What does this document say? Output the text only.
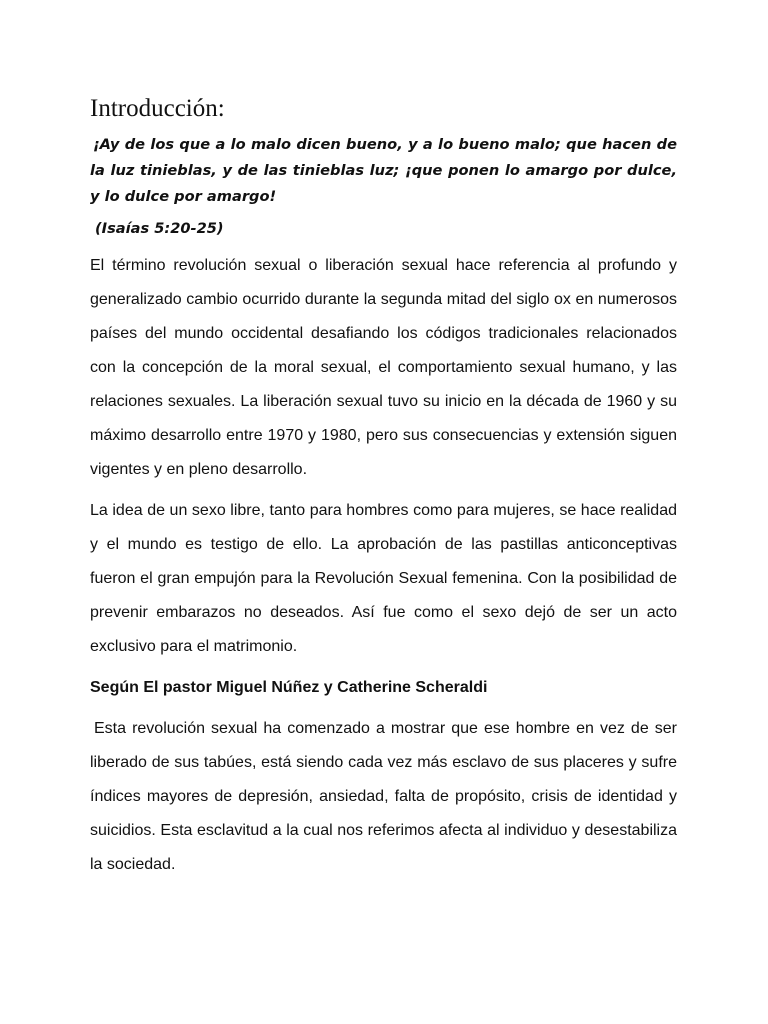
Introducción:

¡Ay de los que a lo malo dicen bueno, y a lo bueno malo; que hacen de la luz tinieblas, y de las tinieblas luz; ¡que ponen lo amargo por dulce, y lo dulce por amargo!

(Isaías 5:20-25)

El término revolución sexual o liberación sexual hace referencia al profundo y generalizado cambio ocurrido durante la segunda mitad del siglo ox en numerosos países del mundo occidental desafiando los códigos tradicionales relacionados con la concepción de la moral sexual, el comportamiento sexual humano, y las relaciones sexuales. La liberación sexual tuvo su inicio en la década de 1960 y su máximo desarrollo entre 1970 y 1980, pero sus consecuencias y extensión siguen vigentes y en pleno desarrollo.

La idea de un sexo libre, tanto para hombres como para mujeres, se hace realidad y el mundo es testigo de ello. La aprobación de las pastillas anticonceptivas fueron el gran empujón para la Revolución Sexual femenina. Con la posibilidad de prevenir embarazos no deseados. Así fue como el sexo dejó de ser un acto exclusivo para el matrimonio.

Según El pastor Miguel Núñez y Catherine Scheraldi

Esta revolución sexual ha comenzado a mostrar que ese hombre en vez de ser liberado de sus tabúes, está siendo cada vez más esclavo de sus placeres y sufre índices mayores de depresión, ansiedad, falta de propósito, crisis de identidad y suicidios. Esta esclavitud a la cual nos referimos afecta al individuo y desestabiliza la sociedad.
